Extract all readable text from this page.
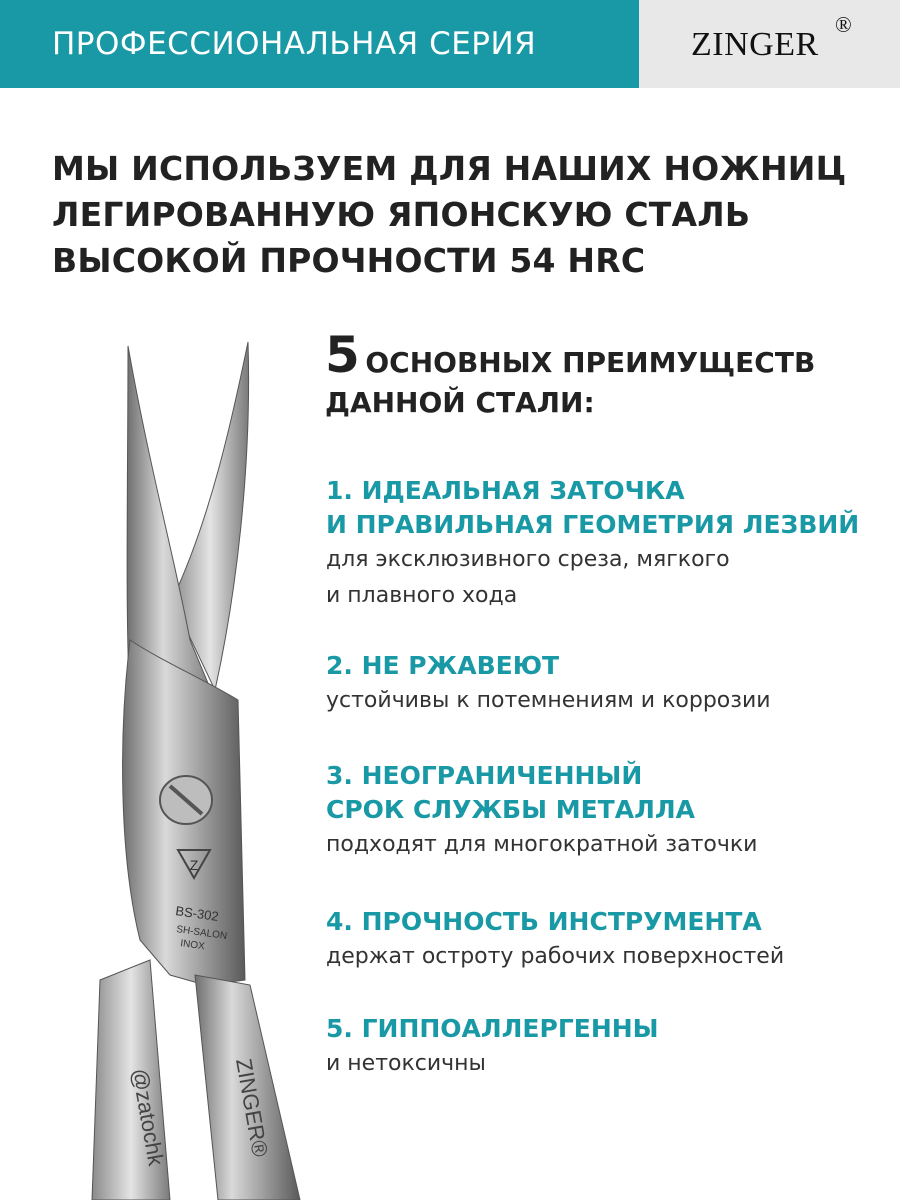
ПРОФЕССИОНАЛЬНАЯ СЕРИЯ	ZINGER
®
МЫ ИСПОЛЬЗУЕМ ДЛЯ НАШИХ НОЖНИЦ
ЛЕГИРОВАННУЮ ЯПОНСКУЮ СТАЛЬ
ВЫСОКОЙ ПРОЧНОСТИ 54 HRC
Z
BS-302
SH-SALON
INOX
@zatochk	ZINGER®
5 ОСНОВНЫХ ПРЕИМУЩЕСТВ
ДАННОЙ СТАЛИ:
1. ИДЕАЛЬНАЯ ЗАТОЧКА
И ПРАВИЛЬНАЯ ГЕОМЕТРИЯ ЛЕЗВИЙ
для эксклюзивного среза, мягкого
и плавного хода
2. НЕ РЖАВЕЮТ
устойчивы к потемнениям и коррозии
3. НЕОГРАНИЧЕННЫЙ
СРОК СЛУЖБЫ МЕТАЛЛА
подходят для многократной заточки
4. ПРОЧНОСТЬ ИНСТРУМЕНТА
держат остроту рабочих поверхностей
5. ГИППОАЛЛЕРГЕННЫ
и нетоксичны
